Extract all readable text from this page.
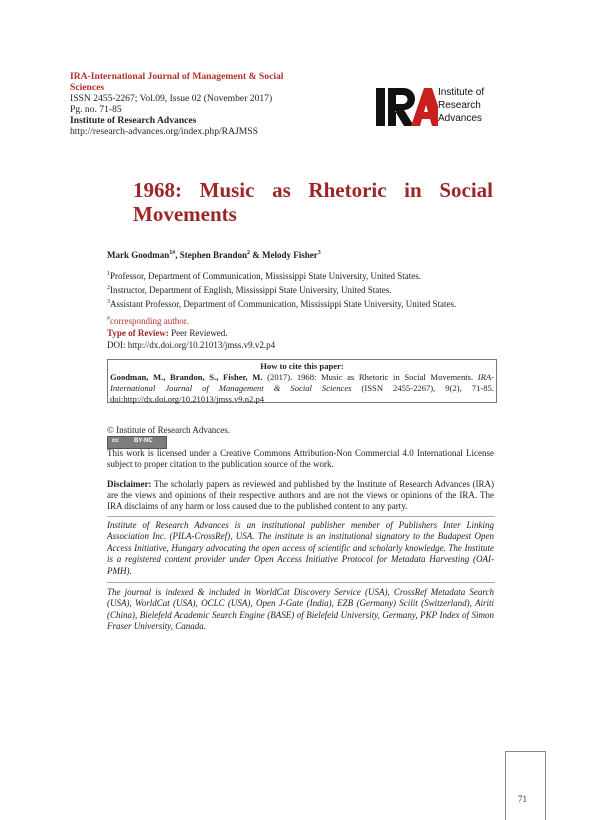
IRA-International Journal of Management & Social Sciences
ISSN 2455-2267; Vol.09, Issue 02 (November 2017)
Pg. no. 71-85
Institute of Research Advances
http://research-advances.org/index.php/RAJMSS
Institute of
Research
Advances
1968: Music as Rhetoric in Social Movements
Mark Goodman$^{1\#}$, Stephen Brandon$^2$ & Melody Fisher$^3$
$^1$Professor, Department of Communication, Mississippi State University, United States.
$^2$Instructor, Department of English, Mississippi State University, United States.
$^3$Assistant Professor, Department of Communication, Mississippi State University, United States.
#corresponding author.
Type of Review: Peer Reviewed.
DOI: http://dx.doi.org/10.21013/jmss.v9.v2.p4
How to cite this paper:
Goodman, M., Brandon, S., Fisher, M. (2017). 1968: Music as Rhetoric in Social Movements. IRA-International Journal of Management & Social Sciences (ISSN 2455-2267), 9(2), 71-85. doi:http://dx.doi.org/10.21013/jmss.v9.n2.p4
© Institute of Research Advances.
cc	BY-NC
This work is licensed under a Creative Commons Attribution-Non Commercial 4.0 International License subject to proper citation to the publication source of the work.
Disclaimer: The scholarly papers as reviewed and published by the Institute of Research Advances (IRA) are the views and opinions of their respective authors and are not the views or opinions of the IRA. The IRA disclaims of any harm or loss caused due to the published content to any party.
Institute of Research Advances is an institutional publisher member of Publishers Inter Linking Association Inc. (PILA-CrossRef), USA. The institute is an institutional signatory to the Budapest Open Access Initiative, Hungary advocating the open access of scientific and scholarly knowledge. The Institute is a registered content provider under Open Access Initiative Protocol for Metadata Harvesting (OAI-PMH).
The journal is indexed & included in WorldCat Discovery Service (USA), CrossRef Metadata Search (USA), WorldCat (USA), OCLC (USA), Open J-Gate (India), EZB (Germany) Scilit (Switzerland), Airiti (China), Bielefeld Academic Search Engine (BASE) of Bielefeld University, Germany, PKP Index of Simon Fraser University, Canada.
71
